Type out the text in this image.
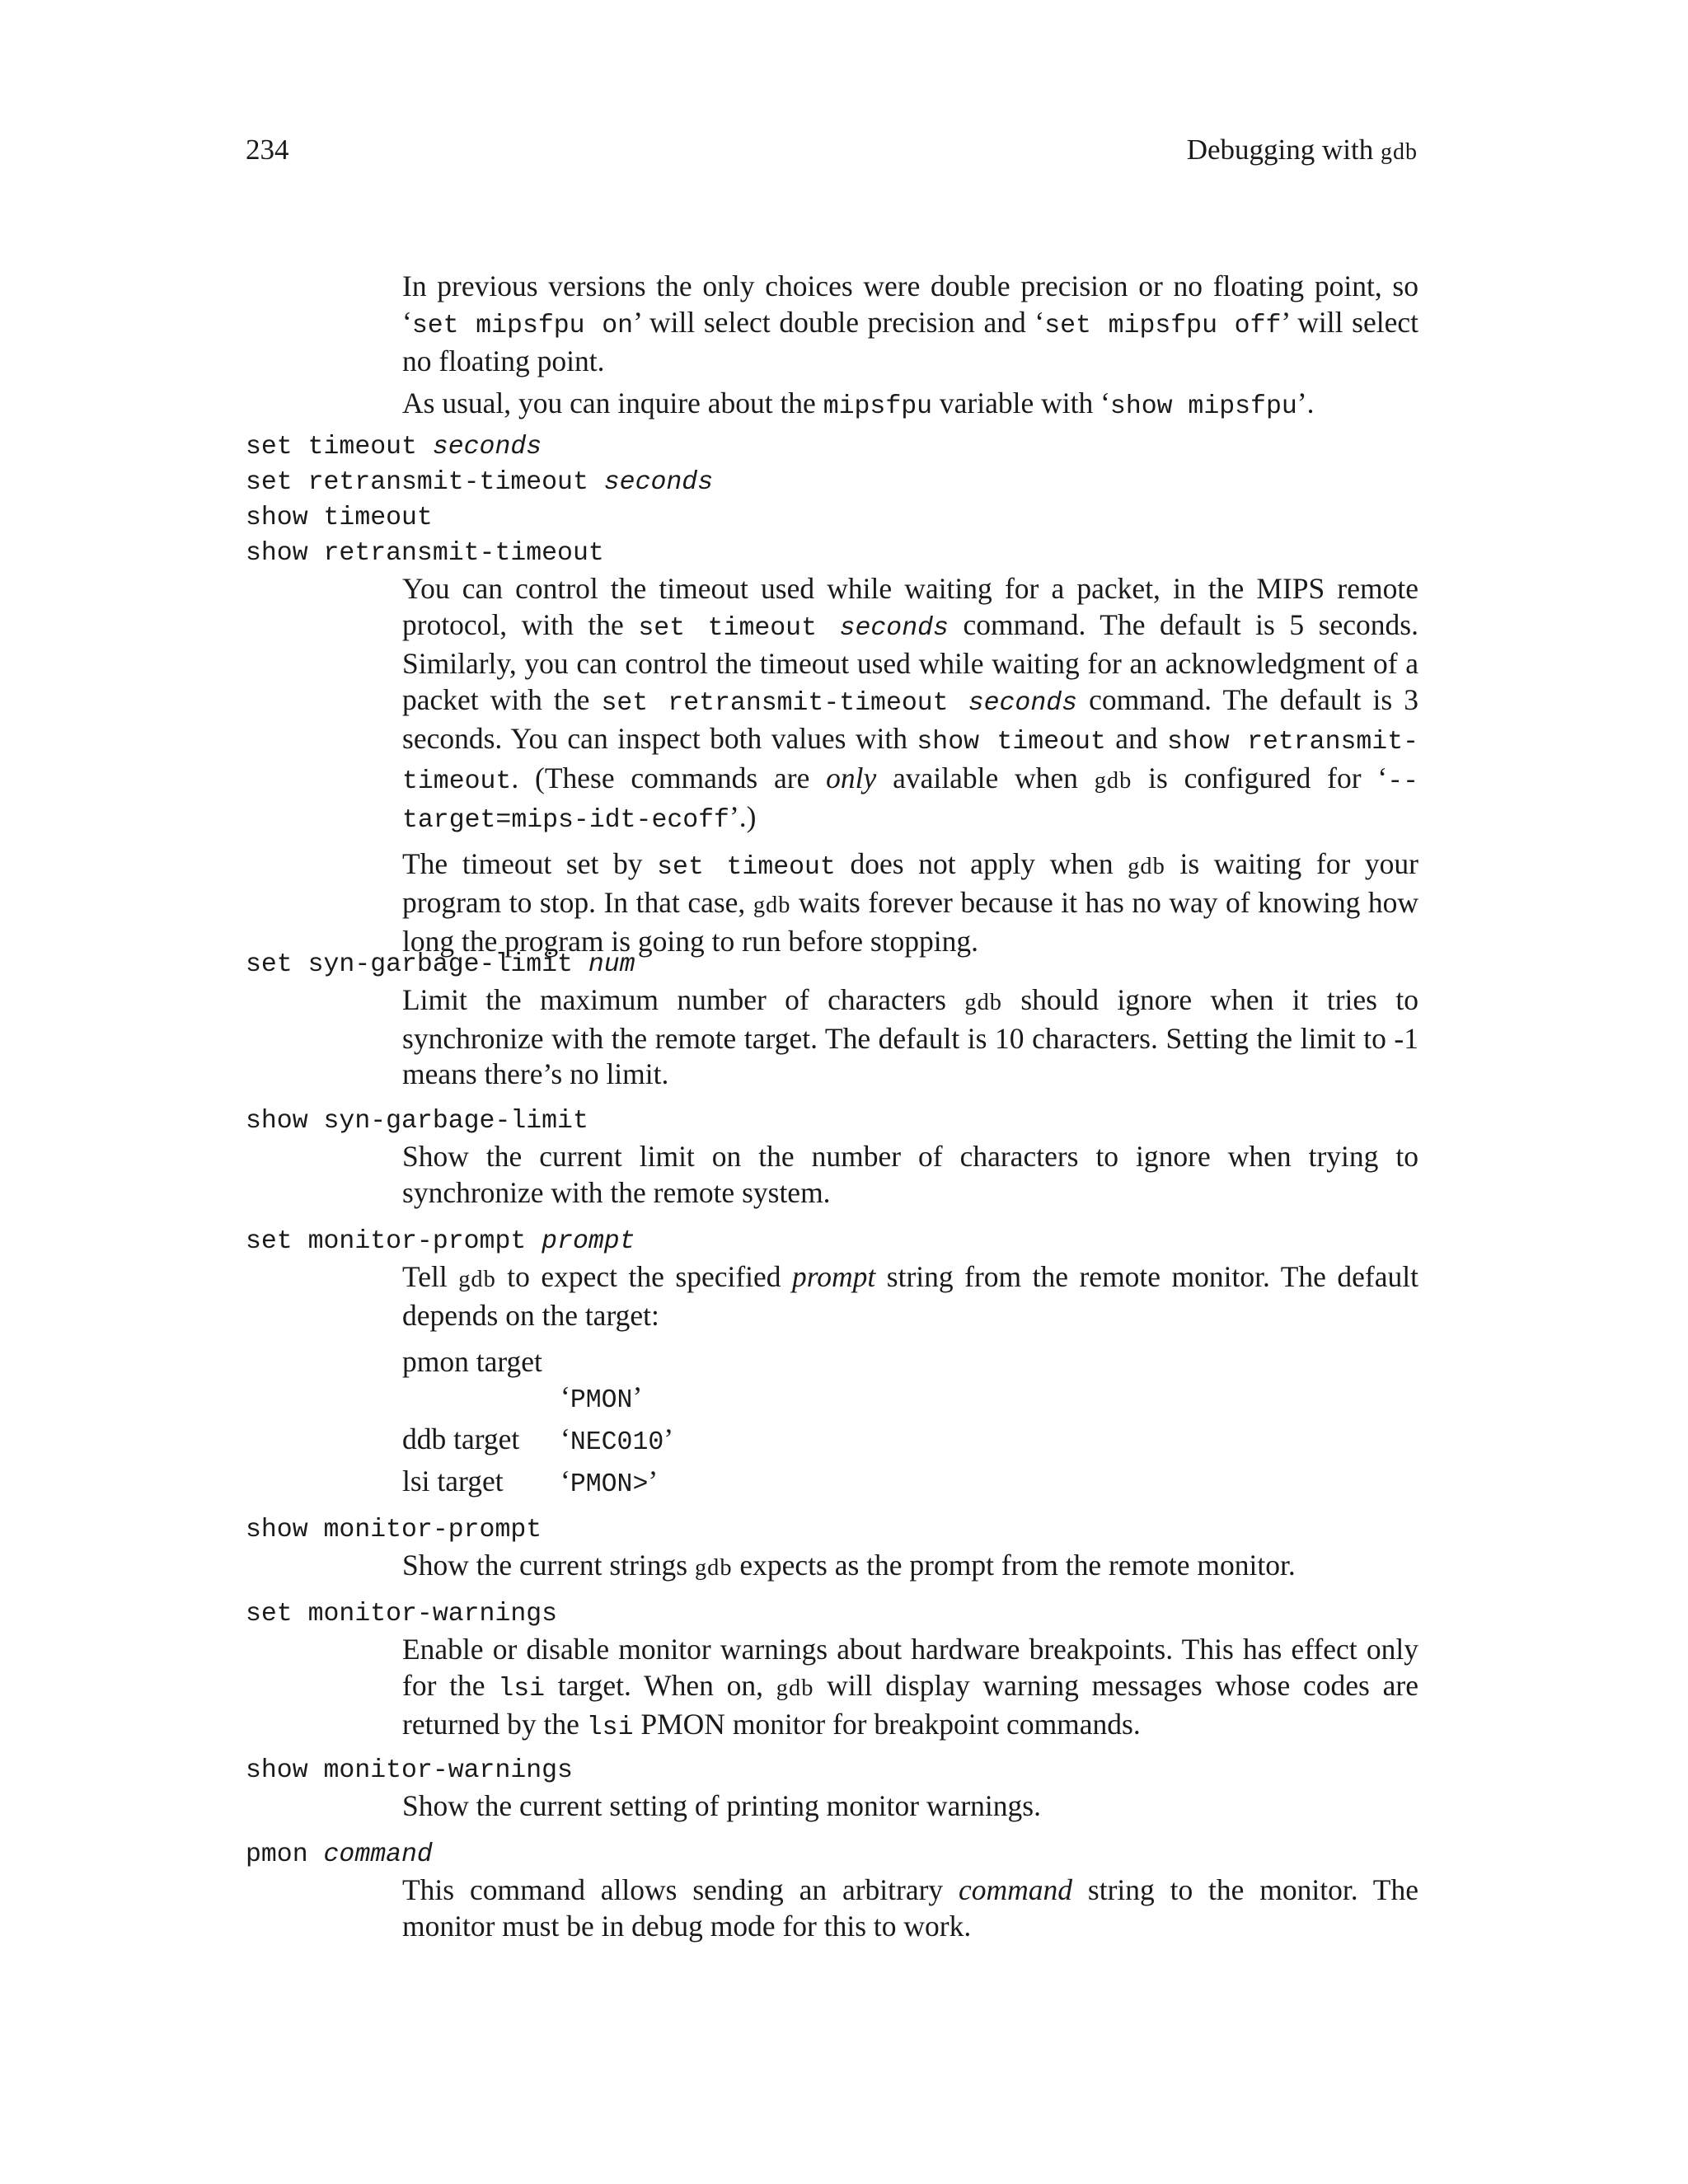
234	Debugging with gdb

In previous versions the only choices were double precision or no floating point, so ‘set mipsfpu on’ will select double precision and ‘set mipsfpu off’ will select no floating point.

As usual, you can inquire about the mipsfpu variable with ‘show mipsfpu’.

set timeout seconds
set retransmit-timeout seconds
show timeout
show retransmit-timeout

You can control the timeout used while waiting for a packet, in the MIPS remote protocol, with the set timeout seconds command. The default is 5 seconds. Similarly, you can control the timeout used while waiting for an acknowledgment of a packet with the set retransmit-timeout seconds command. The default is 3 seconds. You can inspect both values with show timeout and show retransmit-timeout. (These commands are only available when gdb is configured for ‘--target=mips-idt-ecoff’.)

The timeout set by set timeout does not apply when gdb is waiting for your program to stop. In that case, gdb waits forever because it has no way of knowing how long the program is going to run before stopping.

set syn-garbage-limit num

Limit the maximum number of characters gdb should ignore when it tries to synchronize with the remote target. The default is 10 characters. Setting the limit to -1 means there’s no limit.

show syn-garbage-limit

Show the current limit on the number of characters to ignore when trying to synchronize with the remote system.

set monitor-prompt prompt

Tell gdb to expect the specified prompt string from the remote monitor. The default depends on the target:

pmon target
‘PMON’
ddb target ‘NEC010’
lsi target ‘PMON>’
show monitor-prompt

Show the current strings gdb expects as the prompt from the remote monitor.

set monitor-warnings

Enable or disable monitor warnings about hardware breakpoints. This has effect only for the lsi target. When on, gdb will display warning messages whose codes are returned by the lsi PMON monitor for breakpoint commands.

show monitor-warnings

Show the current setting of printing monitor warnings.

pmon command

This command allows sending an arbitrary command string to the monitor. The monitor must be in debug mode for this to work.
